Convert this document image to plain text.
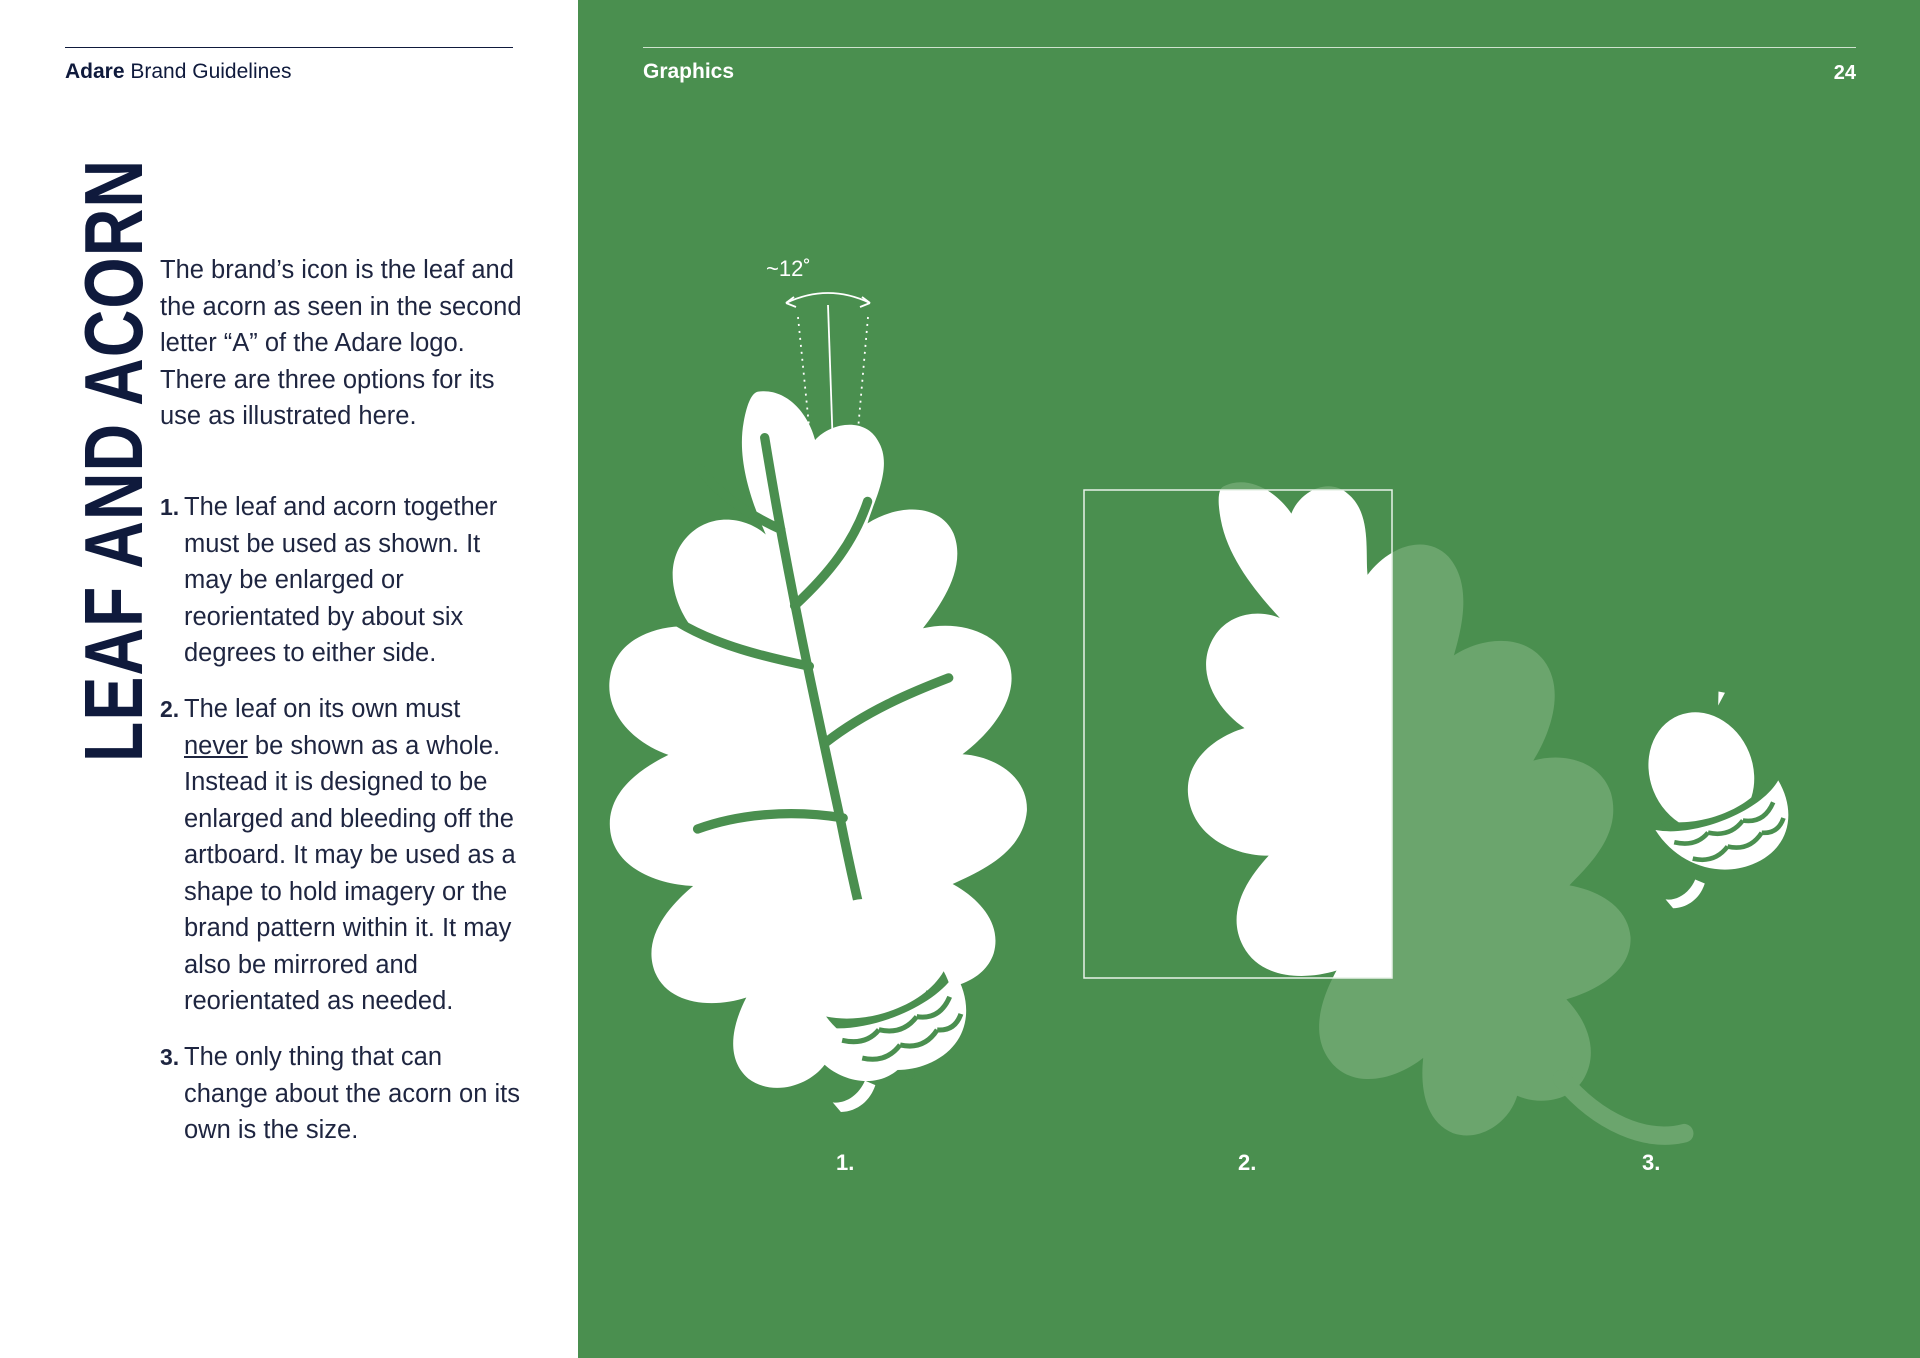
Adare Brand Guidelines
LEAF AND ACORN The brand’s icon is the leaf and the acorn as seen in the second letter “A” of the Adare logo. There are three options for its use as illustrated here.

1. The leaf and acorn together must be used as shown. It may be enlarged or reorientated by about six degrees to either side.
2. The leaf on its own must never be shown as a whole. Instead it is designed to be enlarged and bleeding off the artboard. It may be used as a shape to hold imagery or the brand pattern within it. It may also be mirrored and reorientated as needed.
3. The only thing that can change about the acorn on its own is the size.
Graphics	24
~12˚
1.	2.	3.
